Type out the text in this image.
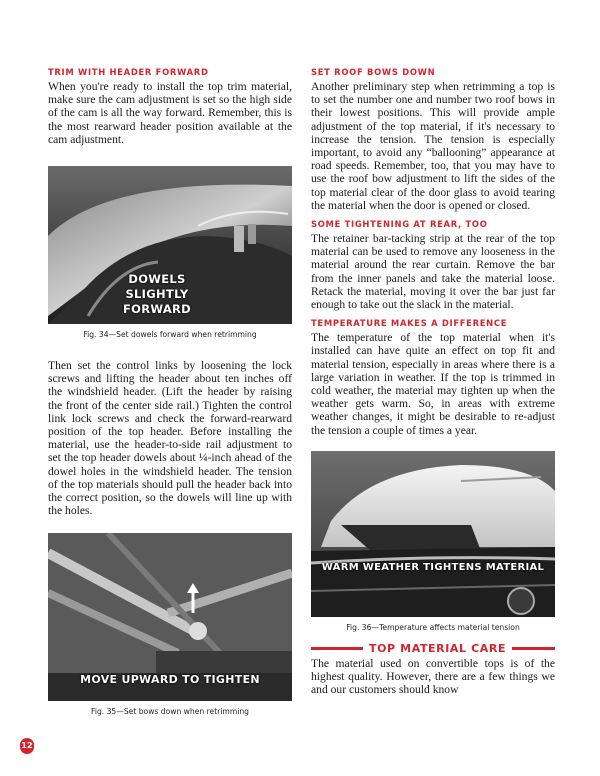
TRIM WITH HEADER FORWARD

When you're ready to install the top trim material, make sure the cam adjustment is set so the high side of the cam is all the way forward. Remember, this is the most rearward header position available at the cam adjustment.

DOWELS
SLIGHTLY FORWARD
Fig. 34—Set dowels forward when retrimming

Then set the control links by loosening the lock screws and lifting the header about ten inches off the windshield header. (Lift the header by raising the front of the center side rail.) Tighten the control link lock screws and check the forward-rearward position of the top header. Before installing the material, use the header-to-side rail adjustment to set the top header dowels about ¼-inch ahead of the dowel holes in the windshield header. The tension of the top materials should pull the header back into the correct position, so the dowels will line up with the holes.

MOVE UPWARD TO TIGHTEN
Fig. 35—Set bows down when retrimming
SET ROOF BOWS DOWN

Another preliminary step when retrimming a top is to set the number one and number two roof bows in their lowest positions. This will provide ample adjustment of the top material, if it's necessary to increase the tension. The tension is especially important, to avoid any “ballooning” appearance at road speeds. Remember, too, that you may have to use the roof bow adjustment to lift the sides of the top material clear of the door glass to avoid tearing the material when the door is opened or closed.

SOME TIGHTENING AT REAR, TOO

The retainer bar-tacking strip at the rear of the top material can be used to remove any looseness in the material around the rear curtain. Remove the bar from the inner panels and take the material loose. Retack the material, moving it over the bar just far enough to take out the slack in the material.

TEMPERATURE MAKES A DIFFERENCE

The temperature of the top material when it's installed can have quite an effect on top fit and material tension, especially in areas where there is a large variation in weather. If the top is trimmed in cold weather, the material may tighten up when the weather gets warm. So, in areas with extreme weather changes, it might be desirable to re-adjust the tension a couple of times a year.

WARM WEATHER TIGHTENS MATERIAL
Fig. 36—Temperature affects material tension
TOP MATERIAL CARE

The material used on convertible tops is of the highest quality. However, there are a few things we and our customers should know

12
